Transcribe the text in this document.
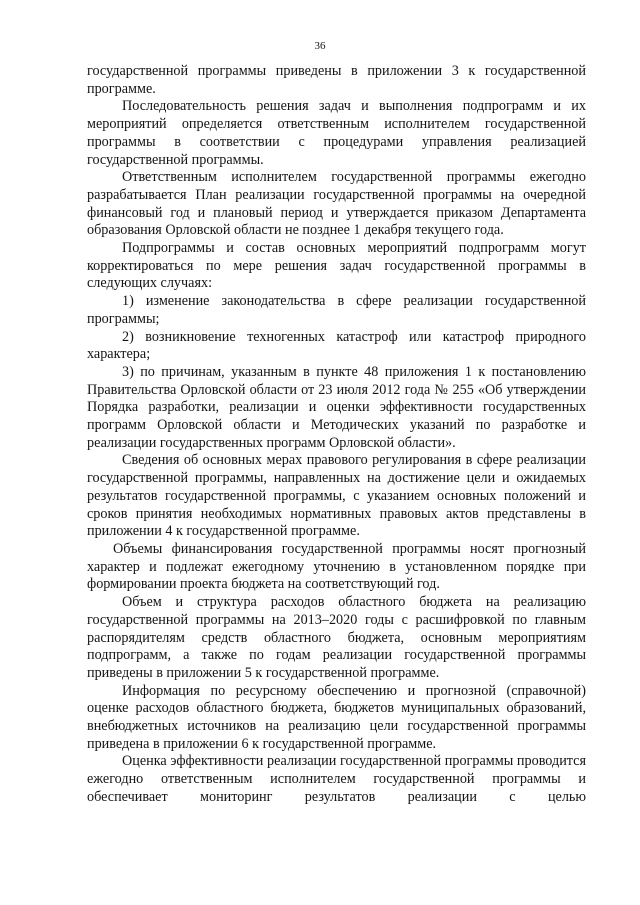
36

государственной программы приведены в приложении 3 к государственной программе.

Последовательность решения задач и выполнения подпрограмм и их мероприятий определяется ответственным исполнителем государственной программы в соответствии с процедурами управления реализацией государственной программы.

Ответственным исполнителем государственной программы ежегодно разрабатывается План реализации государственной программы на очередной финансовый год и плановый период и утверждается приказом Департамента образования Орловской области не позднее 1 декабря текущего года.

Подпрограммы и состав основных мероприятий подпрограмм могут корректироваться по мере решения задач государственной программы в следующих случаях:

1) изменение законодательства в сфере реализации государственной программы;

2) возникновение техногенных катастроф или катастроф природного характера;

3) по причинам, указанным в пункте 48 приложения 1 к постановлению Правительства Орловской области от 23 июля 2012 года № 255 «Об утверждении Порядка разработки, реализации и оценки эффективности государственных программ Орловской области и Методических указаний по разработке и реализации государственных программ Орловской области».

Сведения об основных мерах правового регулирования в сфере реализации государственной программы, направленных на достижение цели и ожидаемых результатов государственной программы, с указанием основных положений и сроков принятия необходимых нормативных правовых актов представлены в приложении 4 к государственной программе.

Объемы финансирования государственной программы носят прогнозный характер и подлежат ежегодному уточнению в установленном порядке при формировании проекта бюджета на соответствующий год.

Объем и структура расходов областного бюджета на реализацию государственной программы на 2013–2020 годы с расшифровкой по главным распорядителям средств областного бюджета, основным мероприятиям подпрограмм, а также по годам реализации государственной программы приведены в приложении 5 к государственной программе.

Информация по ресурсному обеспечению и прогнозной (справочной) оценке расходов областного бюджета, бюджетов муниципальных образований, внебюджетных источников на реализацию цели государственной программы приведена в приложении 6 к государственной программе.

Оценка эффективности реализации государственной программы проводится ежегодно ответственным исполнителем государственной программы и обеспечивает мониторинг результатов реализации с целью
